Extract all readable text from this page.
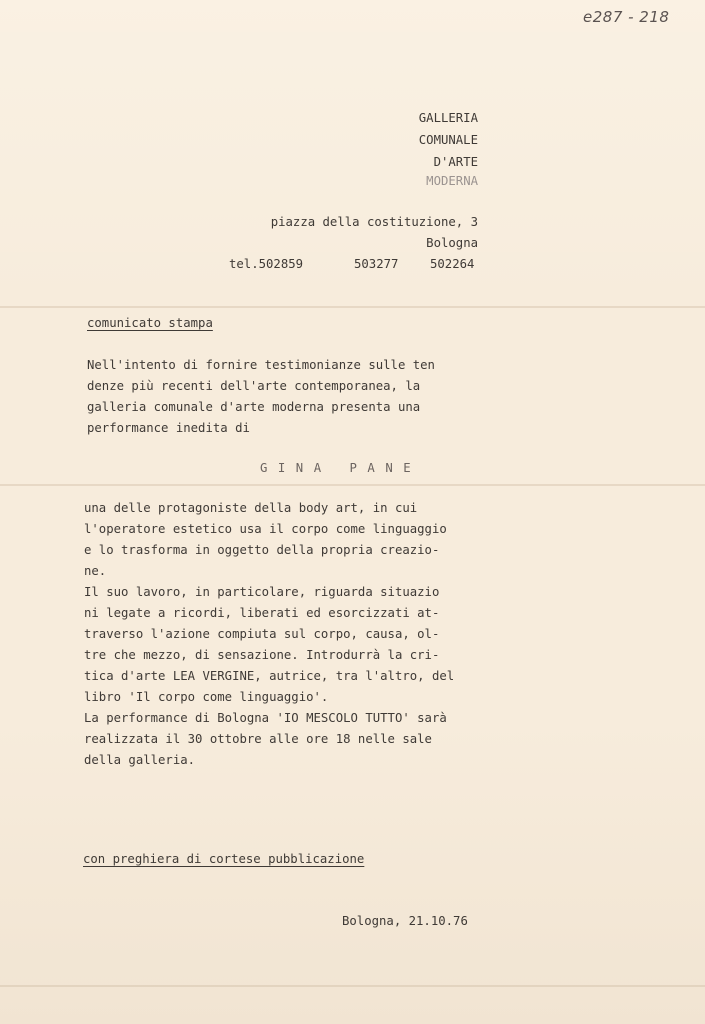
e287 - 218
GALLERIA
COMUNALE
D'ARTE
MODERNA
piazza della costituzione, 3
Bologna
tel.502859	503277	502264
comunicato stampa
Nell'intento di fornire testimonianze sulle ten
denze più recenti dell'arte contemporanea, la
galleria comunale d'arte moderna presenta una
performance inedita di
GINA PANE
una delle protagoniste della body art, in cui
l'operatore estetico usa il corpo come linguaggio
e lo trasforma in oggetto della propria creazio-
ne.
Il suo lavoro, in particolare, riguarda situazio
ni legate a ricordi, liberati ed esorcizzati at-
traverso l'azione compiuta sul corpo, causa, ol-
tre che mezzo, di sensazione. Introdurrà la cri-
tica d'arte LEA VERGINE, autrice, tra l'altro, del
libro 'Il corpo come linguaggio'.
La performance di Bologna 'IO MESCOLO TUTTO' sarà
realizzata il 30 ottobre alle ore 18 nelle sale
della galleria.
con preghiera di cortese pubblicazione
Bologna, 21.10.76
